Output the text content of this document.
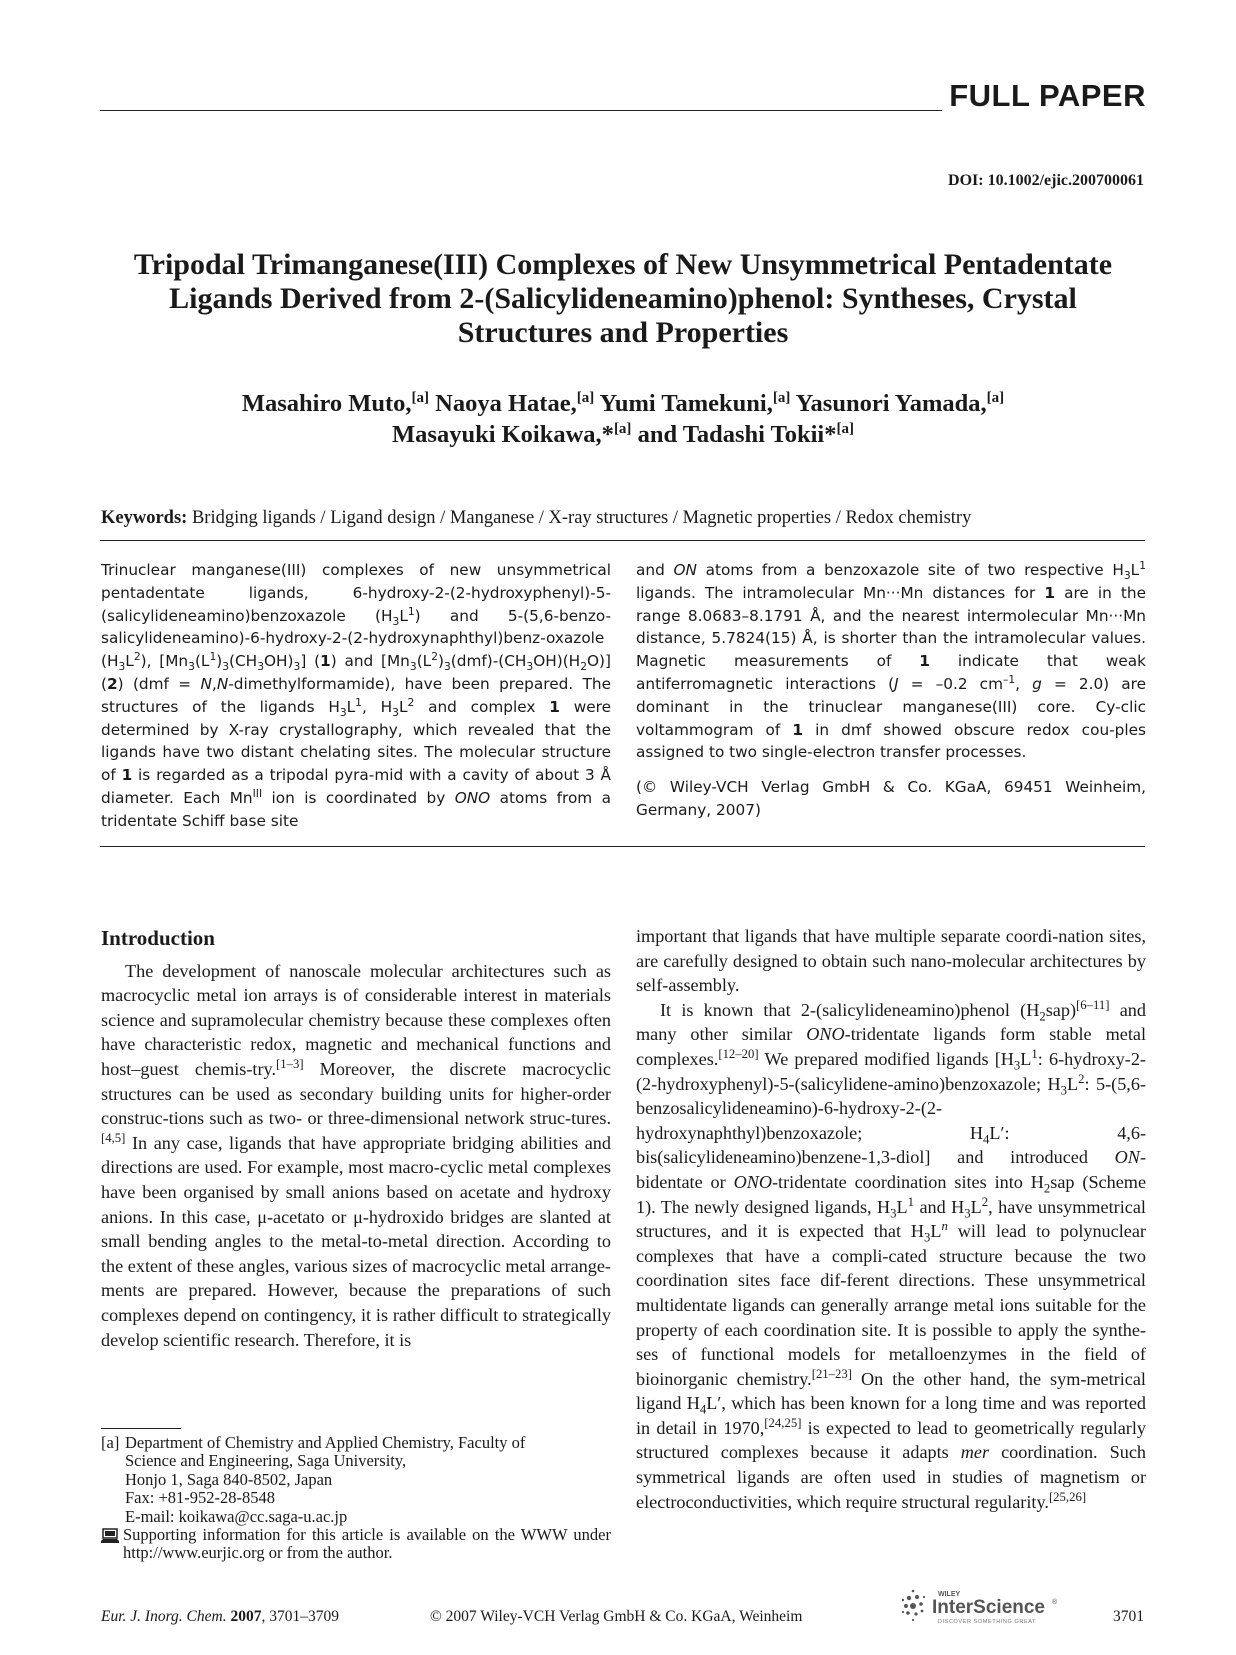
FULL PAPER
DOI: 10.1002/ejic.200700061
Tripodal Trimanganese(III) Complexes of New Unsymmetrical Pentadentate
Ligands Derived from 2-(Salicylideneamino)phenol: Syntheses, Crystal
Structures and Properties
Masahiro Muto,[a] Naoya Hatae,[a] Yumi Tamekuni,[a] Yasunori Yamada,[a]
Masayuki Koikawa,*[a] and Tadashi Tokii*[a]
Keywords: Bridging ligands / Ligand design / Manganese / X-ray structures / Magnetic properties / Redox chemistry

Trinuclear manganese(III) complexes of new unsymmetrical pentadentate ligands, 6-hydroxy-2-(2-hydroxyphenyl)-5-(salicylideneamino)benzoxazole $(H_3L^1)$ and 5-(5,6-benzo-salicylideneamino)-6-hydroxy-2-(2-hydroxynaphthyl)benz-oxazole $(H_3L^2)$, $[Mn_3(L^1)_3(CH_3OH)_3]$ (1) and $[Mn_3(L^2)_3(dmf)-(CH_3OH)(H_2O)]$ (2) (dmf = N,N-dimethylformamide), have been prepared. The structures of the ligands $H_3L^1$, $H_3L^2$ and complex 1 were determined by X-ray crystallography, which revealed that the ligands have two distant chelating sites. The molecular structure of 1 is regarded as a tripodal pyra-mid with a cavity of about 3 Å diameter. Each $Mn^{III}$ ion is coordinated by ONO atoms from a tridentate Schiff base site

and ON atoms from a benzoxazole site of two respective $H_3L^1$ ligands. The intramolecular Mn···Mn distances for 1 are in the range 8.0683–8.1791 Å, and the nearest intermolecular Mn···Mn distance, 5.7824(15) Å, is shorter than the intramolecular values. Magnetic measurements of 1 indicate that weak antiferromagnetic interactions (J = –0.2 $cm^{-1}$, g = 2.0) are dominant in the trinuclear manganese(III) core. Cy-clic voltammogram of 1 in dmf showed obscure redox cou-ples assigned to two single-electron transfer processes.

(© Wiley-VCH Verlag GmbH & Co. KGaA, 69451 Weinheim, Germany, 2007)

Introduction

The development of nanoscale molecular architectures such as macrocyclic metal ion arrays is of considerable interest in materials science and supramolecular chemistry because these complexes often have characteristic redox, magnetic and mechanical functions and host–guest chemis-try.[1–3] Moreover, the discrete macrocyclic structures can be used as secondary building units for higher-order construc-tions such as two- or three-dimensional network struc-tures.[4,5] In any case, ligands that have appropriate bridging abilities and directions are used. For example, most macro-cyclic metal complexes have been organised by small anions based on acetate and hydroxy anions. In this case, μ-acetato or μ-hydroxido bridges are slanted at small bending angles to the metal-to-metal direction. According to the extent of these angles, various sizes of macrocyclic metal arrange-ments are prepared. However, because the preparations of such complexes depend on contingency, it is rather difficult to strategically develop scientific research. Therefore, it is

important that ligands that have multiple separate coordi-nation sites, are carefully designed to obtain such nano-molecular architectures by self-assembly.

It is known that 2-(salicylideneamino)phenol $(H_2sap)[6-11]$ and many other similar ONO-tridentate ligands form stable metal complexes.[12–20] We prepared modified ligands [$H_3L^1$: 6-hydroxy-2-(2-hydroxyphenyl)-5-(salicylidene-amino)benzoxazole; $H_3L^2$: 5-(5,6-benzosalicylideneamino)-6-hydroxy-2-(2-hydroxynaphthyl)benzoxazole; $H_4L'$: 4,6-bis(salicylideneamino)benzene-1,3-diol] and introduced ON-bidentate or ONO-tridentate coordination sites into $H_2sap$ (Scheme 1). The newly designed ligands, $H_3L^1$ and $H_3L^2$, have unsymmetrical structures, and it is expected that $H_3L^n$ will lead to polynuclear complexes that have a compli-cated structure because the two coordination sites face dif-ferent directions. These unsymmetrical multidentate ligands can generally arrange metal ions suitable for the property of each coordination site. It is possible to apply the synthe-ses of functional models for metalloenzymes in the field of bioinorganic chemistry.[21–23] On the other hand, the sym-metrical ligand $H_4L'$, which has been known for a long time and was reported in detail in 1970,[24,25] is expected to lead to geometrically regularly structured complexes because it adapts mer coordination. Such symmetrical ligands are often used in studies of magnetism or electroconductivities, which require structural regularity.[25,26]

[a] Department of Chemistry and Applied Chemistry, Faculty of
Science and Engineering, Saga University,
Honjo 1, Saga 840-8502, Japan
Fax: +81-952-28-8548
E-mail: koikawa@cc.saga-u.ac.jp
Supporting information for this article is available on the WWW under http://www.eurjic.org or from the author.
Eur. J. Inorg. Chem. 2007, 3701–3709	© 2007 Wiley-VCH Verlag GmbH & Co. KGaA, Weinheim
WILEY
InterScience ®
DISCOVER SOMETHING GREAT	3701
